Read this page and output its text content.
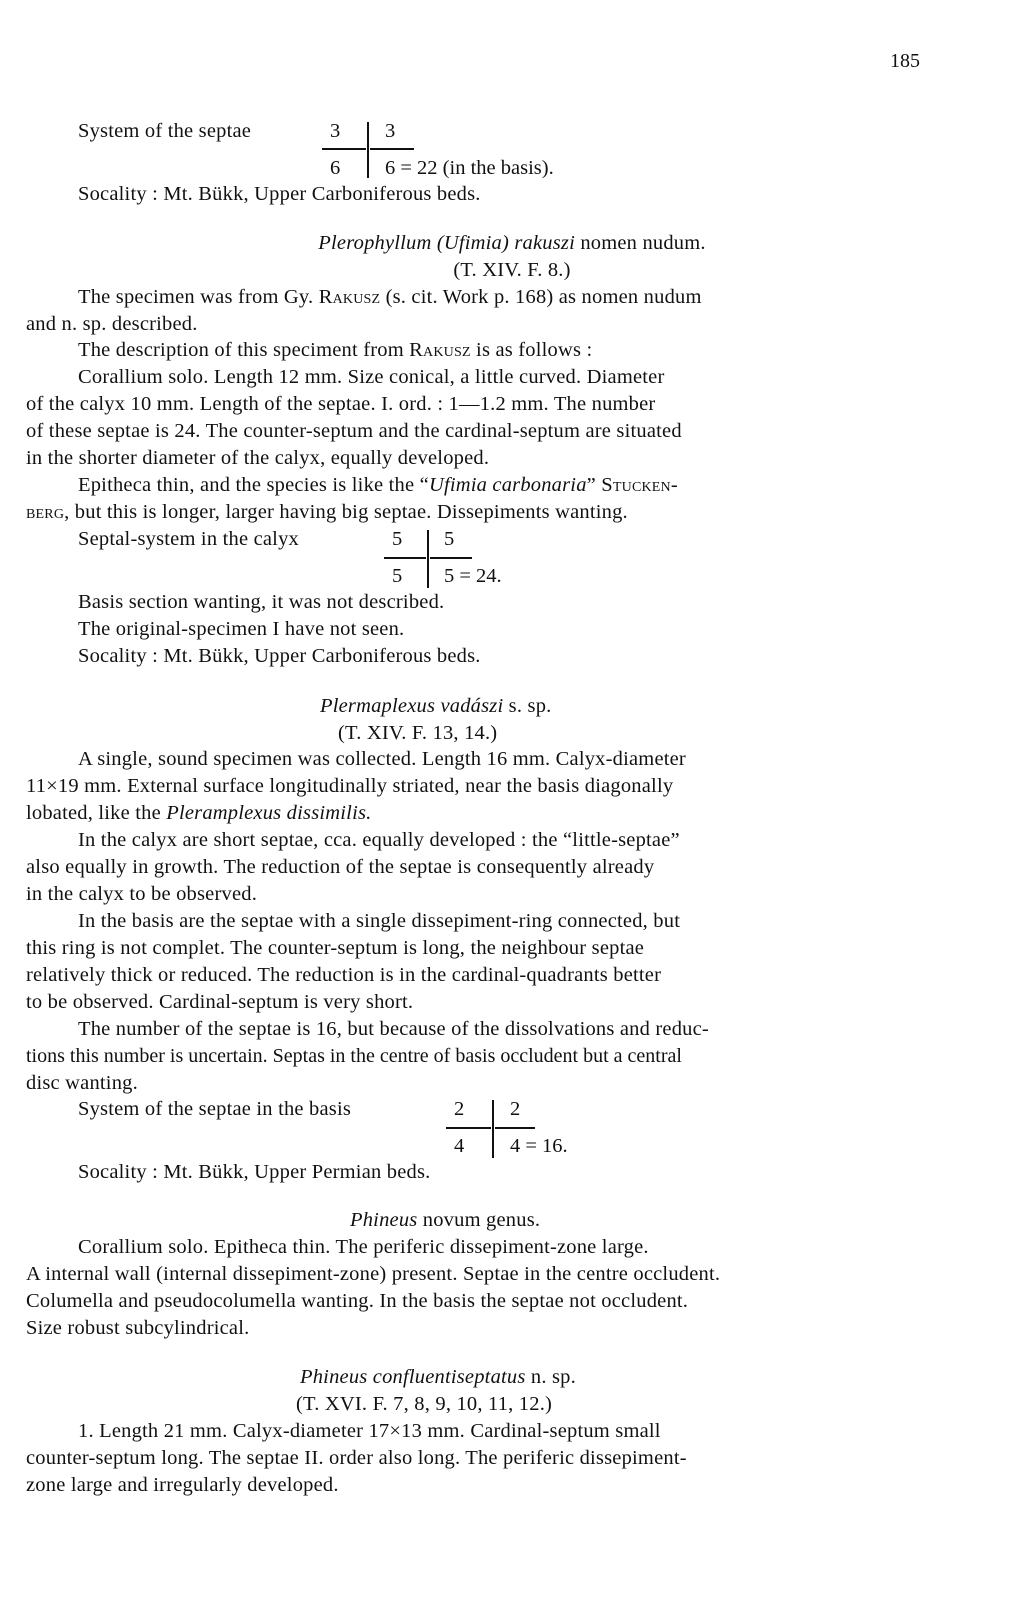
185
System of the septae	3 3
6 6 = 22 (in the basis).
Socality : Mt. Bükk, Upper Carboniferous beds.
Plerophyllum (Ufimia) rakuszi nomen nudum.
(T. XIV. F. 8.)
The specimen was from Gy. Rakusz (s. cit. Work p. 168) as nomen nudum
and n. sp. described.
The description of this speciment from Rakusz is as follows :
Corallium solo. Length 12 mm. Size conical, a little curved. Diameter
of the calyx 10 mm. Length of the septae. I. ord. : 1—1.2 mm. The number
of these septae is 24. The counter-septum and the cardinal-septum are situated
in the shorter diameter of the calyx, equally developed.
Epitheca thin, and the species is like the “Ufimia carbonaria” Stucken-
berg, but this is longer, larger having big septae. Dissepiments wanting.
Septal-system in the calyx	5 5
5 5 = 24.
Basis section wanting, it was not described.
The original-specimen I have not seen.
Socality : Mt. Bükk, Upper Carboniferous beds.
Plermaplexus vadászi s. sp.
(T. XIV. F. 13, 14.)
A single, sound specimen was collected. Length 16 mm. Calyx-diameter
11×19 mm. External surface longitudinally striated, near the basis diagonally
lobated, like the Pleramplexus dissimilis.
In the calyx are short septae, cca. equally developed : the “little-septae”
also equally in growth. The reduction of the septae is consequently already
in the calyx to be observed.
In the basis are the septae with a single dissepiment-ring connected, but
this ring is not complet. The counter-septum is long, the neighbour septae
relatively thick or reduced. The reduction is in the cardinal-quadrants better
to be observed. Cardinal-septum is very short.
The number of the septae is 16, but because of the dissolvations and reduc-
tions this number is uncertain. Septas in the centre of basis occludent but a central
disc wanting.
System of the septae in the basis	2 2
4 4 = 16.
Socality : Mt. Bükk, Upper Permian beds.
Phineus novum genus.
Corallium solo. Epitheca thin. The periferic dissepiment-zone large.
A internal wall (internal dissepiment-zone) present. Septae in the centre occludent.
Columella and pseudocolumella wanting. In the basis the septae not occludent.
Size robust subcylindrical.
Phineus confluentiseptatus n. sp.
(T. XVI. F. 7, 8, 9, 10, 11, 12.)
1. Length 21 mm. Calyx-diameter 17×13 mm. Cardinal-septum small
counter-septum long. The septae II. order also long. The periferic dissepiment-
zone large and irregularly developed.
